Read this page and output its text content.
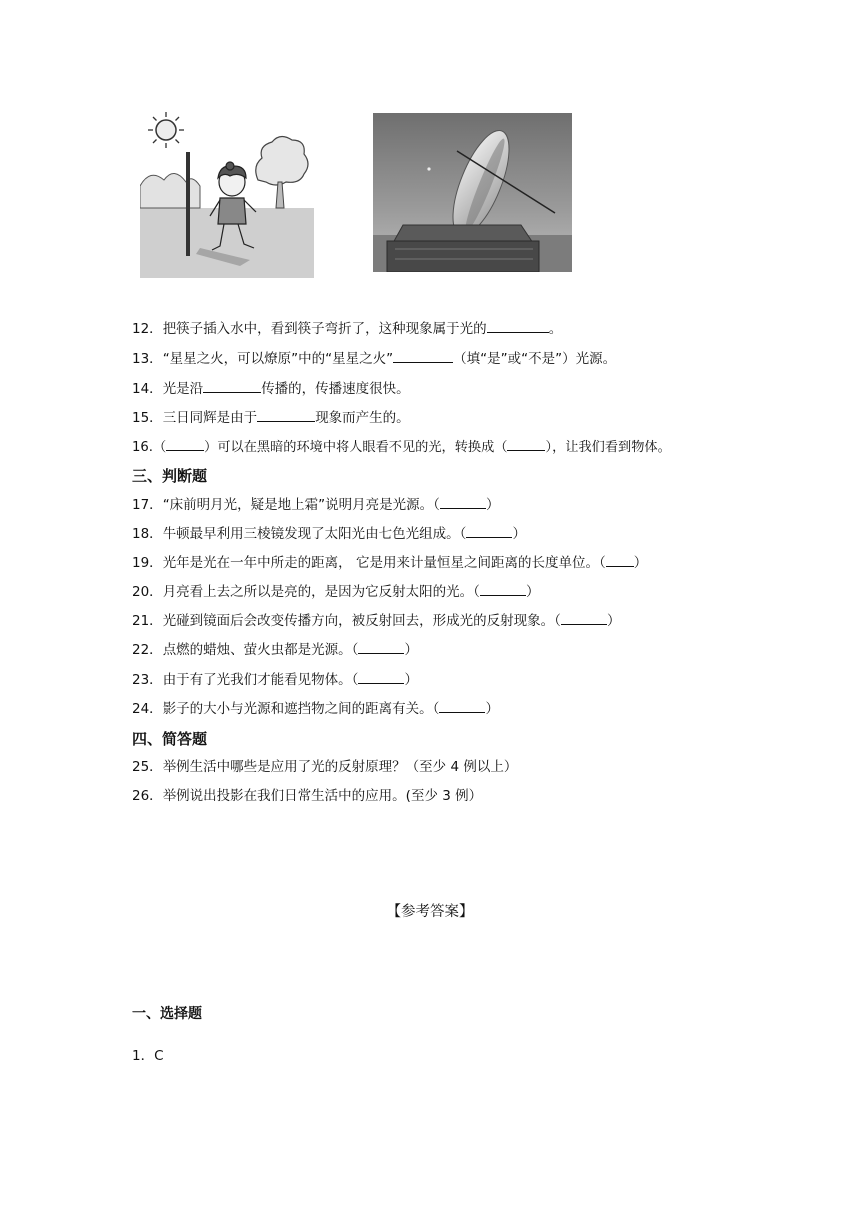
12．把筷子插入水中，看到筷子弯折了，这种现象属于光的	。
13．“星星之火，可以燎原”中的“星星之火”	（填“是”或“不是”）光源。
14．光是沿	传播的，传播速度很快。
15．三日同辉是由于	现象而产生的。
16.（	）可以在黑暗的环境中将人眼看不见的光，转换成（	），让我们看到物体。
三、判断题
17．“床前明月光，疑是地上霜”说明月亮是光源。（	）
18．牛顿最早利用三棱镜发现了太阳光由七色光组成。（	）
19．光年是光在一年中所走的距离， 它是用来计量恒星之间距离的长度单位。（ ）
20．月亮看上去之所以是亮的，是因为它反射太阳的光。（	）
21．光碰到镜面后会改变传播方向，被反射回去，形成光的反射现象。（	）
22．点燃的蜡烛、萤火虫都是光源。（	）
23．由于有了光我们才能看见物体。（	）
24．影子的大小与光源和遮挡物之间的距离有关。（	）
四、简答题
25．举例生活中哪些是应用了光的反射原理？（至少 4 例以上）
26．举例说出投影在我们日常生活中的应用。(至少 3 例）
【参考答案】
一、选择题
1．C
